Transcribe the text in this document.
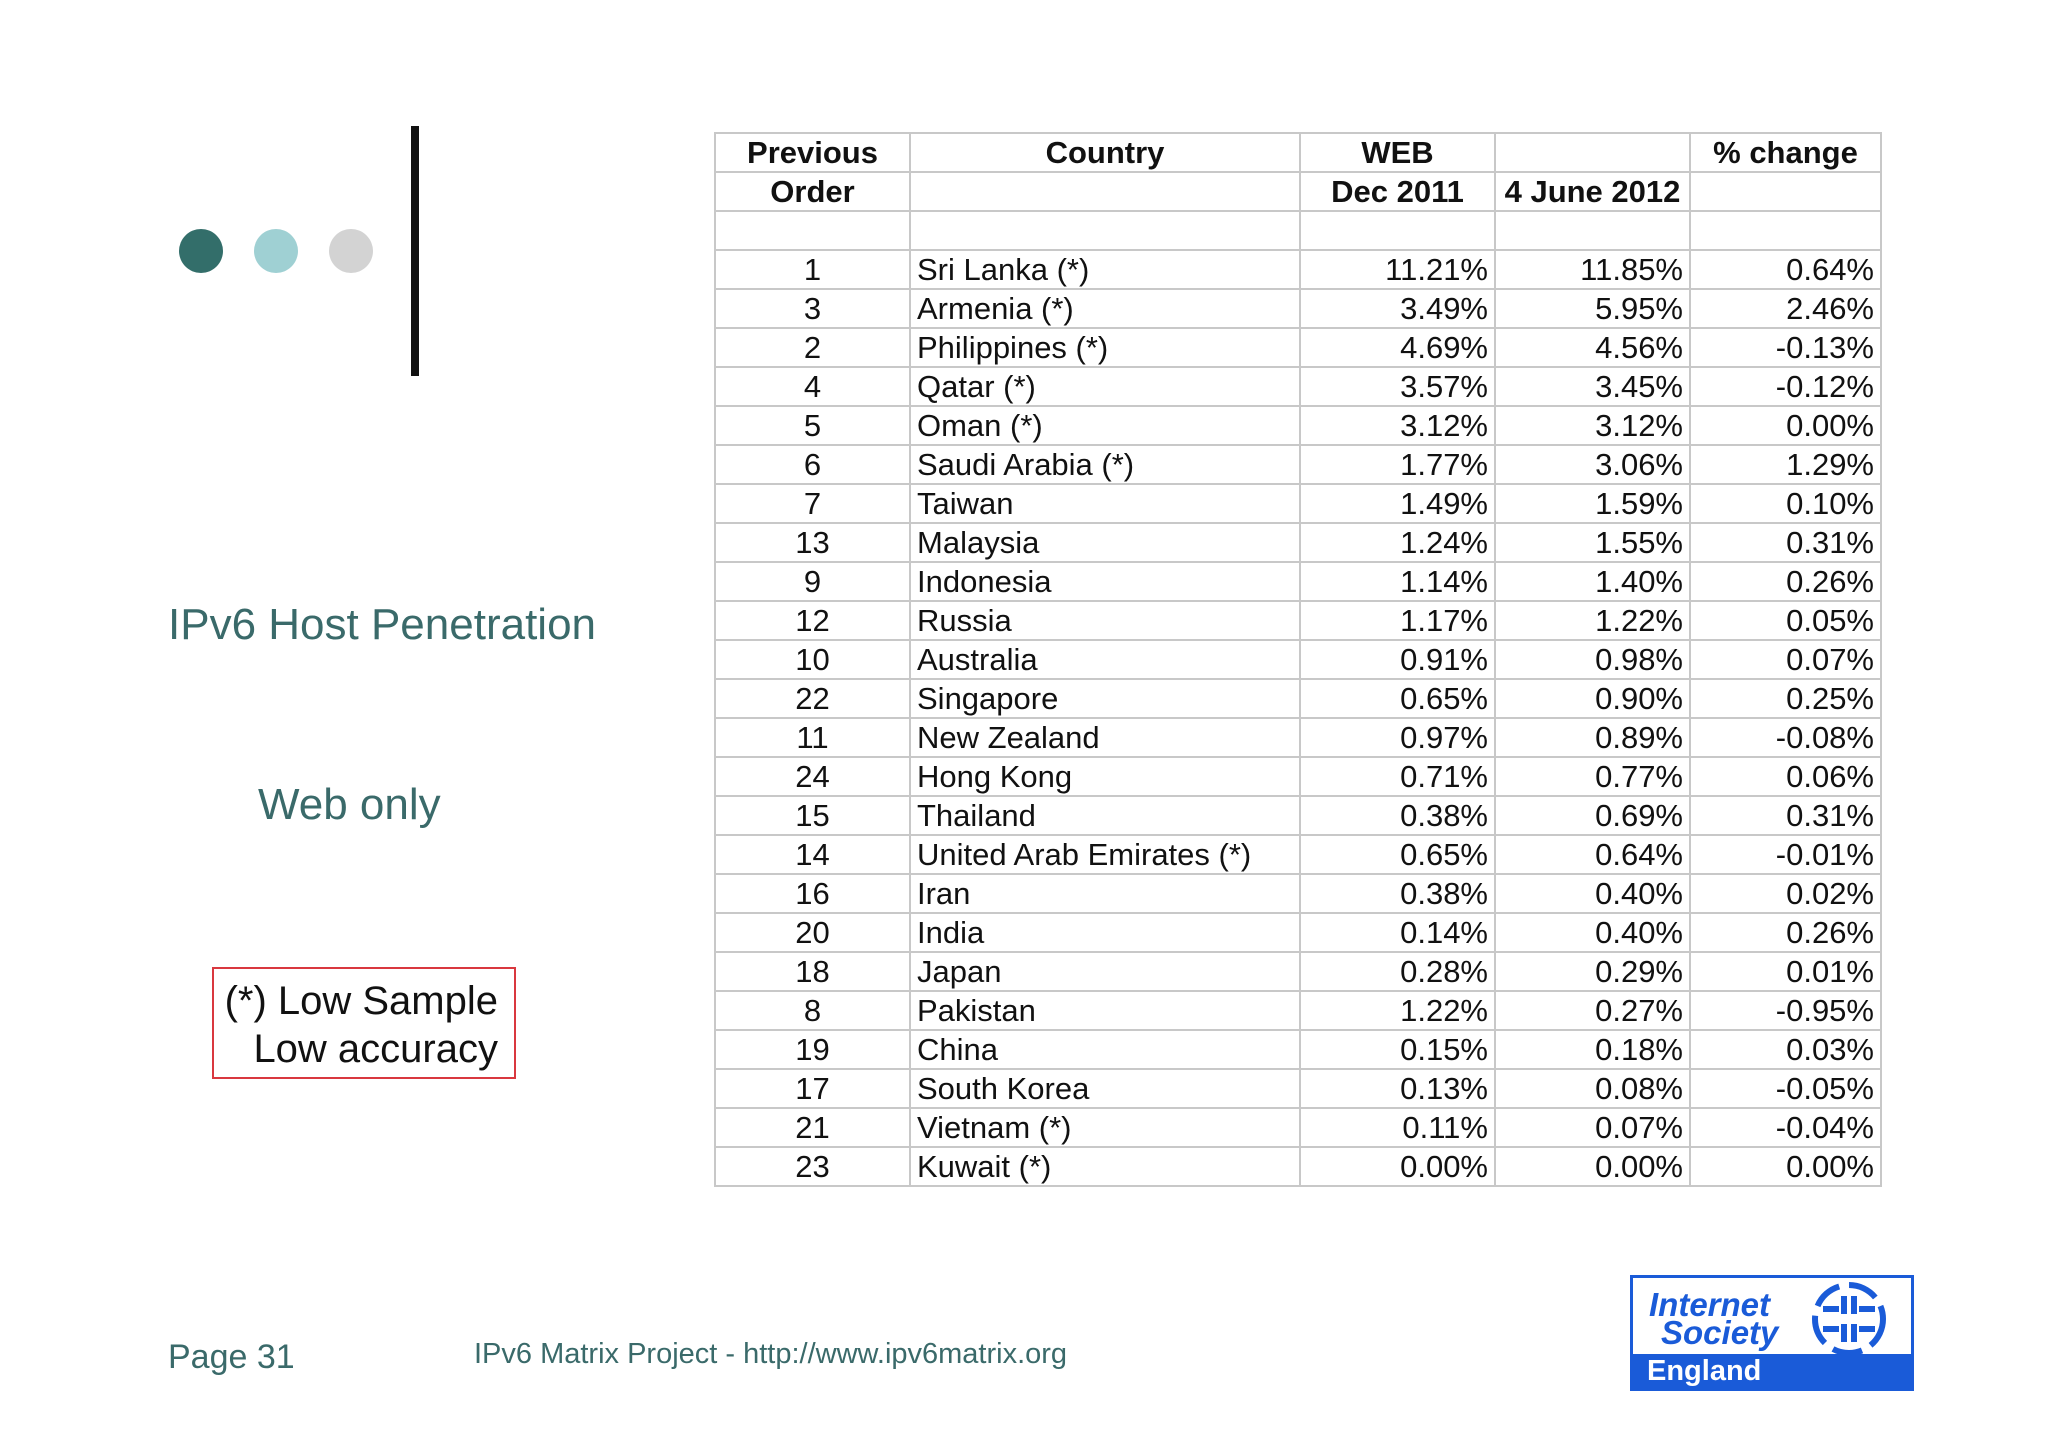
IPv6 Host Penetration
Web only
(*) Low Sample
Low accuracy
Previous	Country	WEB		% change
Order		Dec 2011	4 June 2012	

1	Sri Lanka (*)	11.21%	11.85%	0.64%
3	Armenia (*)	3.49%	5.95%	2.46%
2	Philippines (*)	4.69%	4.56%	-0.13%
4	Qatar (*)	3.57%	3.45%	-0.12%
5	Oman (*)	3.12%	3.12%	0.00%
6	Saudi Arabia (*)	1.77%	3.06%	1.29%
7	Taiwan	1.49%	1.59%	0.10%
13	Malaysia	1.24%	1.55%	0.31%
9	Indonesia	1.14%	1.40%	0.26%
12	Russia	1.17%	1.22%	0.05%
10	Australia	0.91%	0.98%	0.07%
22	Singapore	0.65%	0.90%	0.25%
11	New Zealand	0.97%	0.89%	-0.08%
24	Hong Kong	0.71%	0.77%	0.06%
15	Thailand	0.38%	0.69%	0.31%
14	United Arab Emirates (*)	0.65%	0.64%	-0.01%
16	Iran	0.38%	0.40%	0.02%
20	India	0.14%	0.40%	0.26%
18	Japan	0.28%	0.29%	0.01%
8	Pakistan	1.22%	0.27%	-0.95%
19	China	0.15%	0.18%	0.03%
17	South Korea	0.13%	0.08%	-0.05%
21	Vietnam (*)	0.11%	0.07%	-0.04%
23	Kuwait (*)	0.00%	0.00%	0.00%
Page 31	IPv6 Matrix Project - http://www.ipv6matrix.org
Internet
Society
England
